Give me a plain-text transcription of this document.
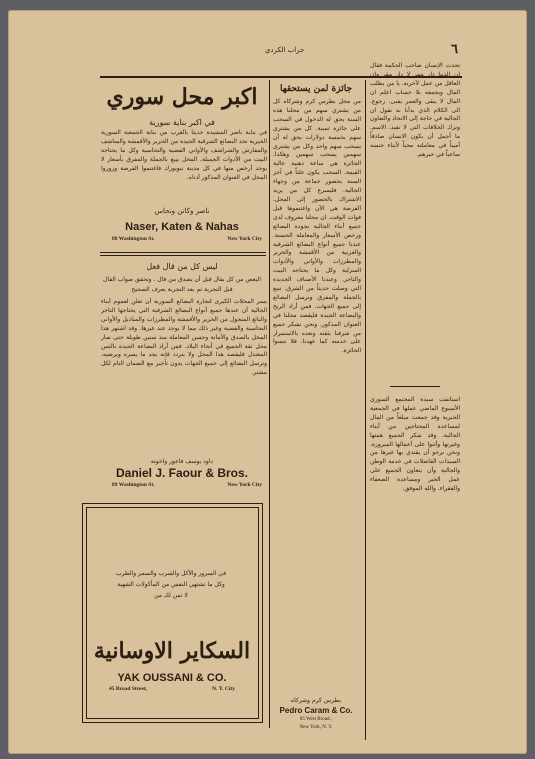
جراب الكردي	٦
اكبر محل سوري
في اكبر بناية سورية

في بناية ناصر المشيدة حديثاً بالقرب من بناية الجمعية السورية الخيرية تجد البضائع الشرقية الجيدة من الحرير والأقمشة والمناشف والمفارش والشراشف والأواني الفضية والنحاسية وكل ما يحتاجه البيت من الأدوات الجميلة. المحل يبيع بالجملة والمفرق بأسعار لا يوجد أرخص منها في كل مدينة نيويورك فاغتنموا الفرصة وزوروا المحل في العنوان المذكور أدناه.

ناصر وكاتن ونحاس
Naser, Katen & Nahas
88 Washington St.	New York City
ليس كل من قال فعل
البعض من كل يقال قبل أن يصدق من قال ، وتحقق صواب القال
قبل التجربة ثم بعد التجربة يعرف الصحيح

يسر المحلات الكبرى لتجارة البضائع السورية أن تعلن لعموم أبناء الجالية أن عندها جميع أنواع البضائع الشرقية التي يحتاجها التاجر والبائع المتجول من الحرير والأقمشة والمطرزات والمناديل والأواني النحاسية والفضية وغير ذلك مما لا يوجد عند غيرها. وقد اشتهر هذا المحل بالصدق والأمانة وحسن المعاملة منذ سنين طويلة حتى صار محل ثقة الجميع في أنحاء البلاد. فمن أراد البضاعة الجيدة بالثمن المعتدل فليقصد هذا المحل ولا يتردد فإنه يجد ما يسره ويرضيه. وترسل البضائع إلى جميع الجهات بدون تأخير مع الضمان التام لكل مشتر.

داود يوسف فاعور واخوته
Daniel J. Faour & Bros.
89 Washington St.	New York City
في السرور والأكل والشرب والسمر والطرب
وكل ما تشتهي النفس من المأكولات الشهية
لا ثمن لك من
السكاير الاوسانية
YAK OUSSANI & CO.
45 Broad Street,	N. Y. City
جائزة لمن يستحقها

من محل بطرس كرم وشركاه كل من يشتري سهم من محلنا هذه السنة يحق له الدخول في السحب على جائزة ثمينة. كل من يشتري سهم بخمسة دولارات يحق له أن يسحب سهم واحد وكل من يشتري سهمين يسحب سهمين وهكذا. الجائزة هي ساعة ذهبية عالية القيمة. السحب يكون علناً في آخر السنة بحضور جماعة من وجهاء الجالية. فليسرع كل من يريد الاشتراك بالحضور إلى المحل. الفرصة هي الآن واغتنموها قبل فوات الوقت. ان محلنا معروف لدى جميع أبناء الجالية بجودة البضائع ورخص الأسعار والمعاملة الحسنة. عندنا جميع أنواع البضائع الشرقية والغربية من الأقمشة والحرير والمطرزات والأواني والأدوات المنزلية وكل ما يحتاجه البيت والتاجر. وعندنا الأصناف الجديدة التي وصلت حديثاً من الشرق. نبيع بالجملة والمفرق ونرسل البضائع إلى جميع الجهات. فمن أراد الربح والبضاعة الجيدة فليقصد محلنا في العنوان المذكور. ونحن نشكر جميع من شرفنا بثقته ونعده بالاستمرار على خدمته كما عهدنا. فلا تنسوا الجائزة.

بطرس كرم وشركاه
Pedro Caram & Co.
85 West Broad.,
New York, N. Y.

تحدث الإنسان صاحب الحكمة فقال ان الدنيا دار ممر لا دار مقر وان العاقل من عمل لآخرته. يا من يطلب المال ويجمعه بلا حساب اعلم ان المال لا يبقى والعمر يفنى. رجوع. الى الكلام الذي بدأنا به نقول ان الجالية في حاجة إلى الاتحاد والتعاون وترك الخلافات التي لا تفيد. الاسم. ما أجمل أن يكون الانسان صادقاً أميناً في معاملته محباً لأبناء جنسه ساعياً في خيرهم.

استأنفت سيدة المجتمع السوري الأسبوع الماضي عملها في الجمعية الخيرية وقد جمعت مبلغاً من المال لمساعدة المحتاجين من أبناء الجالية. وقد شكر الجميع همتها وغيرتها وأثنوا على أعمالها المبرورة. ونحن نرجو أن يقتدي بها غيرها من السيدات الفاضلات في خدمة الوطن والجالية وأن يتعاون الجميع على عمل الخير ومساعدة الضعفاء والفقراء. والله الموفق.
